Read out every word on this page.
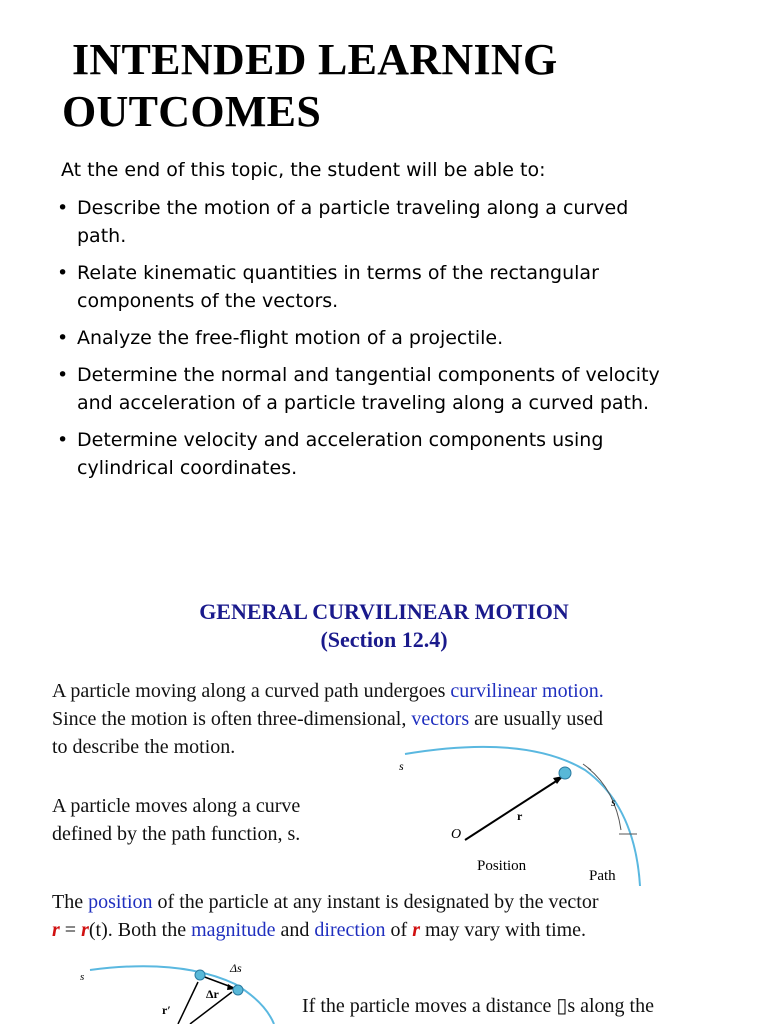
INTENDED LEARNING
OUTCOMES
At the end of this topic, the student will be able to:
• Describe the motion of a particle traveling along a curved path.
• Relate kinematic quantities in terms of the rectangular components of the vectors.
• Analyze the free-flight motion of a projectile.
• Determine the normal and tangential components of velocity and acceleration of a particle traveling along a curved path.
• Determine velocity and acceleration components using cylindrical coordinates.
GENERAL CURVILINEAR MOTION
(Section 12.4)
A particle moving along a curved path undergoes curvilinear motion.
Since the motion is often three-dimensional, vectors are usually used
to describe the motion.
A particle moves along a curve
defined by the path function, s.
s
s
O
r
Position
Path
The position of the particle at any instant is designated by the vector
r = r(t). Both the magnitude and direction of r may vary with time.
s
Δs
Δr
r′	If the particle moves a distance ▯s along the
